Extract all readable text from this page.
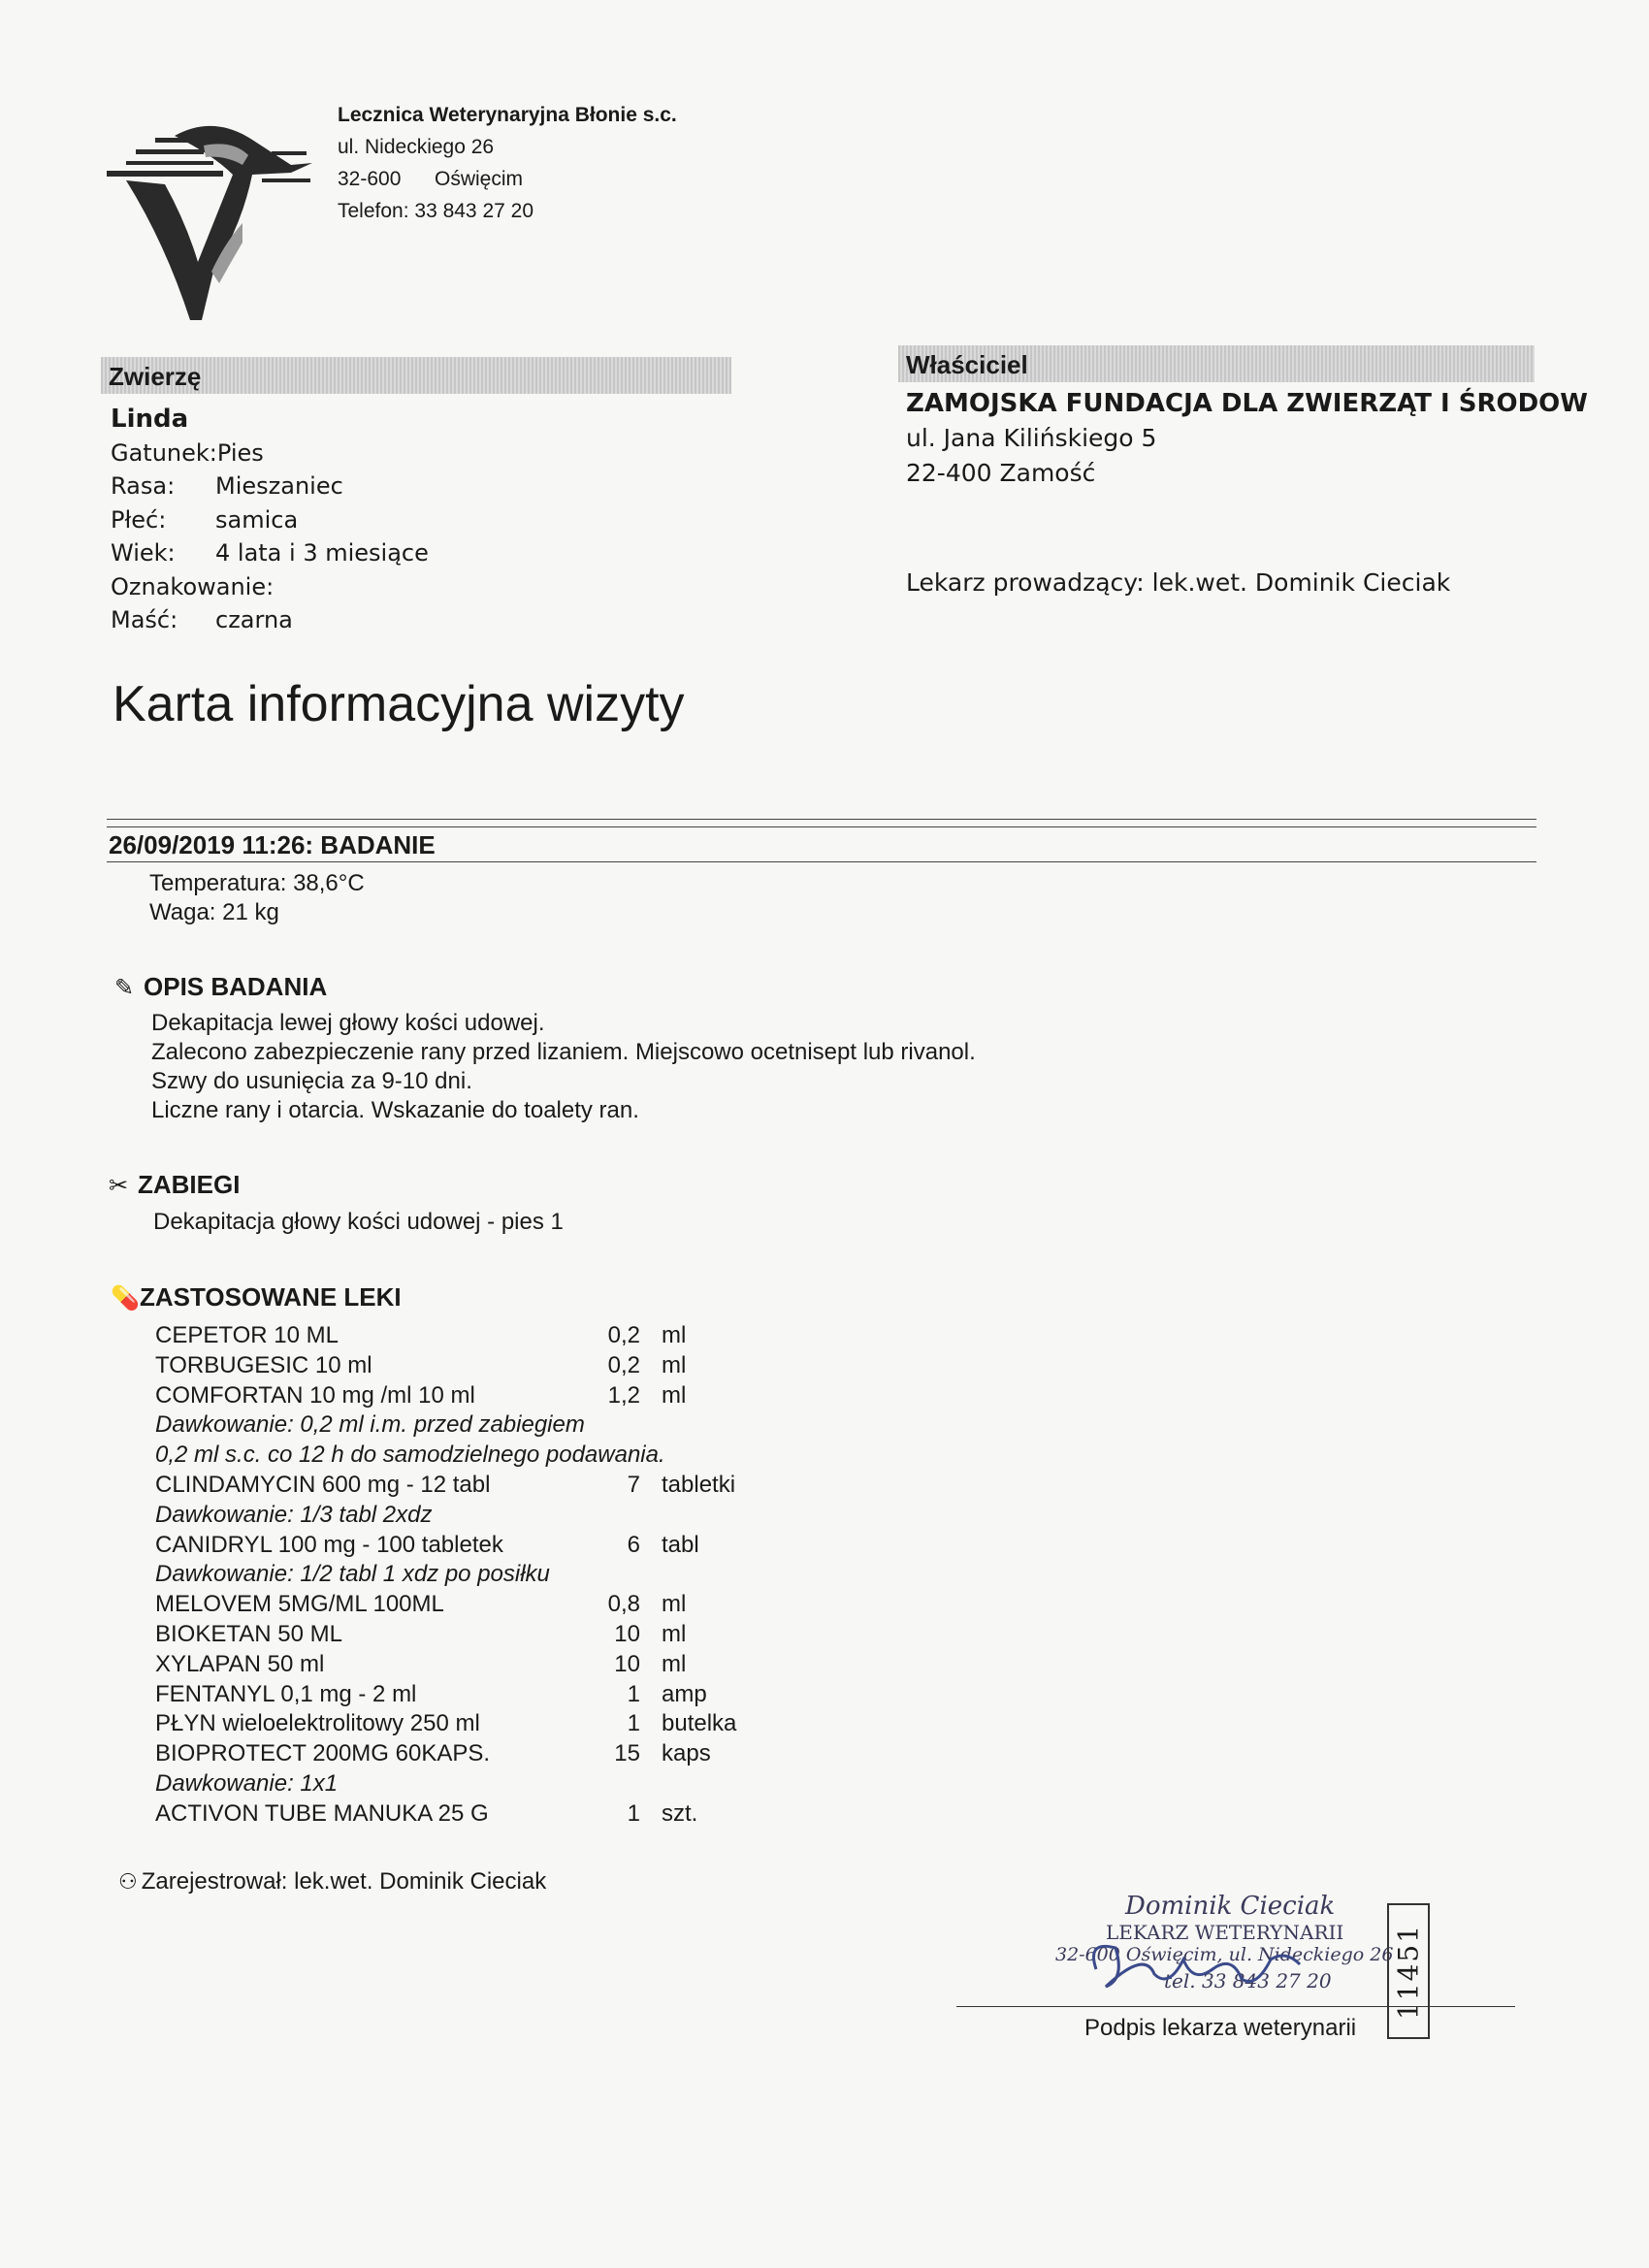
Lecznica Weterynaryjna Błonie s.c.
ul. Nideckiego 26
32-600 Oświęcim
Telefon: 33 843 27 20
Zwierzę
Linda
Gatunek:Pies
Rasa: Mieszaniec
Płeć: samica
Wiek: 4 lata i 3 miesiące
Oznakowanie:
Maść: czarna
Właściciel
ZAMOJSKA FUNDACJA DLA ZWIERZĄT I ŚRODOW
ul. Jana Kilińskiego 5
22-400 Zamość
Lekarz prowadzący: lek.wet. Dominik Cieciak
Karta informacyjna wizyty
26/09/2019 11:26: BADANIE
Temperatura: 38,6°C
Waga: 21 kg
✎ OPIS BADANIA
Dekapitacja lewej głowy kości udowej.
Zalecono zabezpieczenie rany przed lizaniem. Miejscowo ocetnisept lub rivanol.
Szwy do usunięcia za 9-10 dni.
Liczne rany i otarcia. Wskazanie do toalety ran.
✂ ZABIEGI
Dekapitacja głowy kości udowej - pies 1
💊ZASTOSOWANE LEKI
CEPETOR 10 ML	0,2 ml
TORBUGESIC 10 ml	0,2 ml
COMFORTAN 10 mg /ml 10 ml	1,2 ml
Dawkowanie: 0,2 ml i.m. przed zabiegiem
0,2 ml s.c. co 12 h do samodzielnego podawania.
CLINDAMYCIN 600 mg - 12 tabl	7 tabletki
Dawkowanie: 1/3 tabl 2xdz
CANIDRYL 100 mg - 100 tabletek	6 tabl
Dawkowanie: 1/2 tabl 1 xdz po posiłku
MELOVEM 5MG/ML 100ML	0,8 ml
BIOKETAN 50 ML	10 ml
XYLAPAN 50 ml	10 ml
FENTANYL 0,1 mg - 2 ml	1 amp
PŁYN wieloelektrolitowy 250 ml	1 butelka
BIOPROTECT 200MG 60KAPS.	15 kaps
Dawkowanie: 1x1
ACTIVON TUBE MANUKA 25 G	1 szt.
⚇ Zarejestrował: lek.wet. Dominik Cieciak
Dominik Cieciak
LEKARZ WETERYNARII
32-600 Oświęcim, ul. Nideckiego 26
tel. 33 843 27 20 11451
Podpis lekarza weterynarii
